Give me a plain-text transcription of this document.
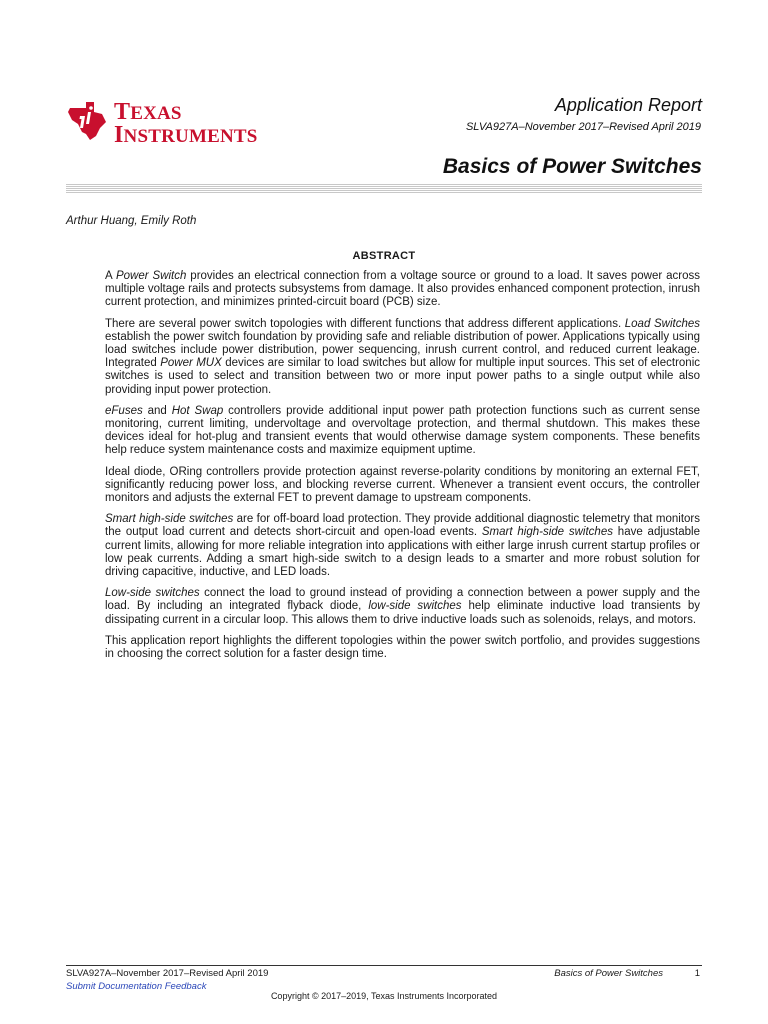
TEXAS
INSTRUMENTS
Application Report
SLVA927A–November 2017–Revised April 2019
Basics of Power Switches
Arthur Huang, Emily Roth
ABSTRACT

A Power Switch provides an electrical connection from a voltage source or ground to a load. It saves power across multiple voltage rails and protects subsystems from damage. It also provides enhanced component protection, inrush current protection, and minimizes printed-circuit board (PCB) size.

There are several power switch topologies with different functions that address different applications. Load Switches establish the power switch foundation by providing safe and reliable distribution of power. Applications typically using load switches include power distribution, power sequencing, inrush current control, and reduced current leakage. Integrated Power MUX devices are similar to load switches but allow for multiple input sources. This set of electronic switches is used to select and transition between two or more input power paths to a single output while also providing input power protection.

eFuses and Hot Swap controllers provide additional input power path protection functions such as current sense monitoring, current limiting, undervoltage and overvoltage protection, and thermal shutdown. This makes these devices ideal for hot-plug and transient events that would otherwise damage system components. These benefits help reduce system maintenance costs and maximize equipment uptime.

Ideal diode, ORing controllers provide protection against reverse-polarity conditions by monitoring an external FET, significantly reducing power loss, and blocking reverse current. Whenever a transient event occurs, the controller monitors and adjusts the external FET to prevent damage to upstream components.

Smart high-side switches are for off-board load protection. They provide additional diagnostic telemetry that monitors the output load current and detects short-circuit and open-load events. Smart high-side switches have adjustable current limits, allowing for more reliable integration into applications with either large inrush current startup profiles or low peak currents. Adding a smart high-side switch to a design leads to a smarter and more robust solution for driving capacitive, inductive, and LED loads.

Low-side switches connect the load to ground instead of providing a connection between a power supply and the load. By including an integrated flyback diode, low-side switches help eliminate inductive load transients by dissipating current in a circular loop. This allows them to drive inductive loads such as solenoids, relays, and motors.

This application report highlights the different topologies within the power switch portfolio, and provides suggestions in choosing the correct solution for a faster design time.

SLVA927A–November 2017–Revised April 2019	Basics of Power Switches	1
Submit Documentation Feedback
Copyright © 2017–2019, Texas Instruments Incorporated
